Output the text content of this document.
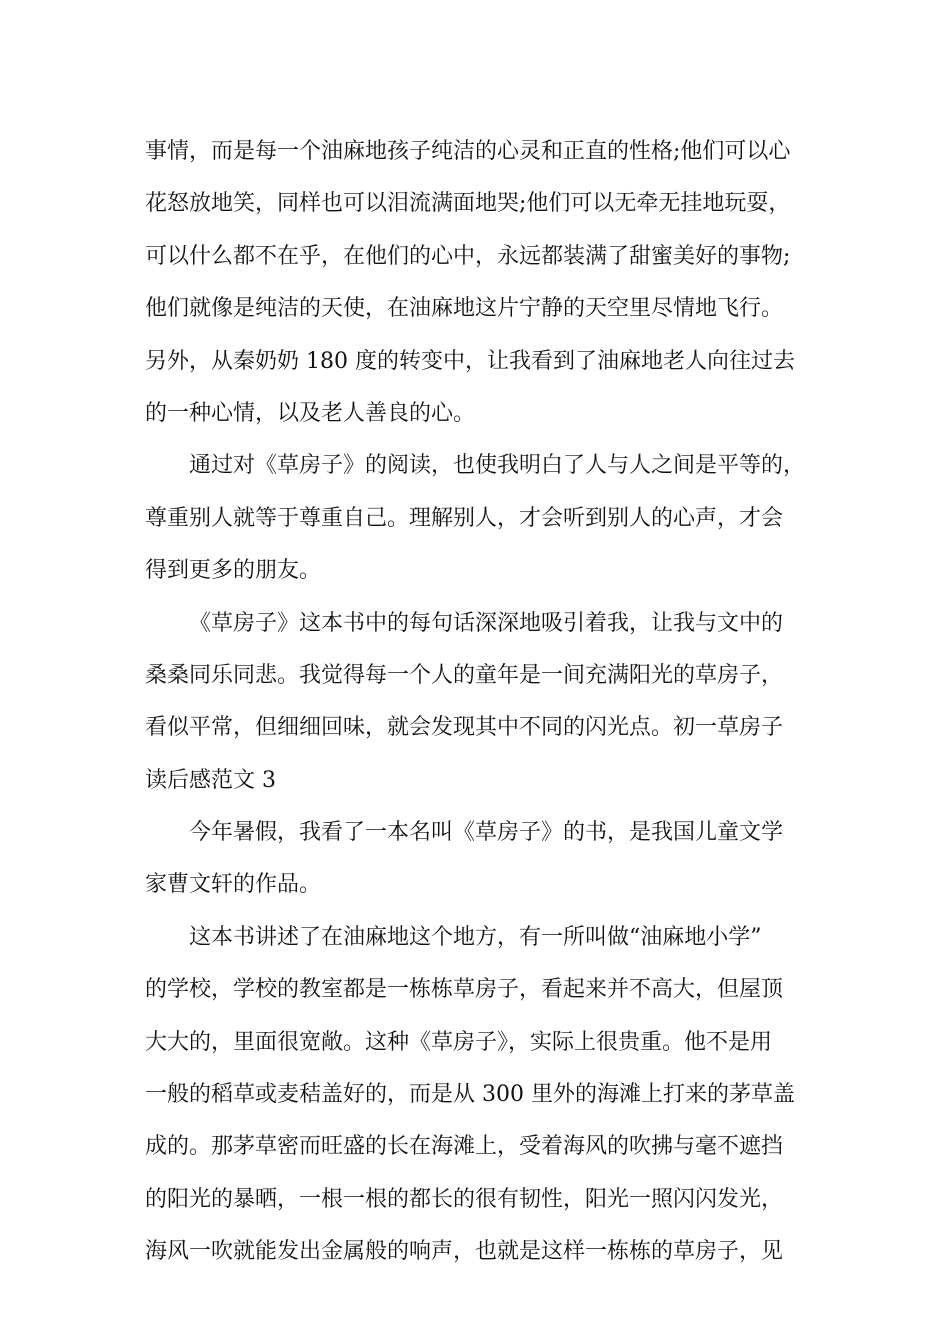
事情，而是每一个油麻地孩子纯洁的心灵和正直的性格;他们可以心
花怒放地笑，同样也可以泪流满面地哭;他们可以无牵无挂地玩耍，
可以什么都不在乎，在他们的心中，永远都装满了甜蜜美好的事物;
他们就像是纯洁的天使，在油麻地这片宁静的天空里尽情地飞行。
另外，从秦奶奶 180 度的转变中，让我看到了油麻地老人向往过去
的一种心情，以及老人善良的心。
通过对《草房子》的阅读，也使我明白了人与人之间是平等的，
尊重别人就等于尊重自己。理解别人，才会听到别人的心声，才会
得到更多的朋友。
《草房子》这本书中的每句话深深地吸引着我，让我与文中的
桑桑同乐同悲。我觉得每一个人的童年是一间充满阳光的草房子，
看似平常，但细细回味，就会发现其中不同的闪光点。初一草房子
读后感范文 3
今年暑假，我看了一本名叫《草房子》的书，是我国儿童文学
家曹文轩的作品。
这本书讲述了在油麻地这个地方，有一所叫做“油麻地小学”
的学校，学校的教室都是一栋栋草房子，看起来并不高大，但屋顶
大大的，里面很宽敞。这种《草房子》，实际上很贵重。他不是用
一般的稻草或麦秸盖好的，而是从 300 里外的海滩上打来的茅草盖
成的。那茅草密而旺盛的长在海滩上，受着海风的吹拂与毫不遮挡
的阳光的暴晒，一根一根的都长的很有韧性，阳光一照闪闪发光，
海风一吹就能发出金属般的响声，也就是这样一栋栋的草房子，见
